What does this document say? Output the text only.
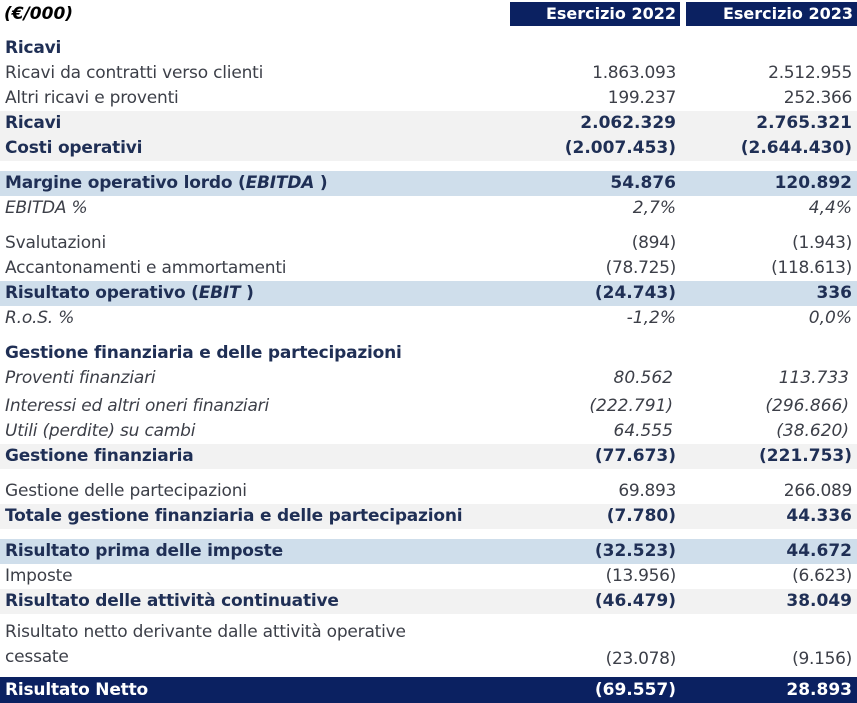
(€/000)	Esercizio 2022	Esercizio 2023
Ricavi
Ricavi da contratti verso clienti	1.863.093	2.512.955
Altri ricavi e proventi	199.237	252.366
Ricavi	2.062.329	2.765.321
Costi operativi	(2.007.453)	(2.644.430)
Margine operativo lordo (EBITDA )	54.876	120.892
EBITDA %	2,7%	4,4%
Svalutazioni	(894)	(1.943)
Accantonamenti e ammortamenti	(78.725)	(118.613)
Risultato operativo (EBIT )	(24.743)	336
R.o.S. %	-1,2%	0,0%
Gestione finanziaria e delle partecipazioni
Proventi finanziari	80.562	113.733
Interessi ed altri oneri finanziari	(222.791)	(296.866)
Utili (perdite) su cambi	64.555	(38.620)
Gestione finanziaria	(77.673)	(221.753)
Gestione delle partecipazioni	69.893	266.089
Totale gestione finanziaria e delle partecipazioni	(7.780)	44.336
Risultato prima delle imposte	(32.523)	44.672
Imposte	(13.956)	(6.623)
Risultato delle attività continuative	(46.479)	38.049
Risultato netto derivante dalle attività operative
cessate	(23.078)	(9.156)
Risultato Netto	(69.557)	28.893
